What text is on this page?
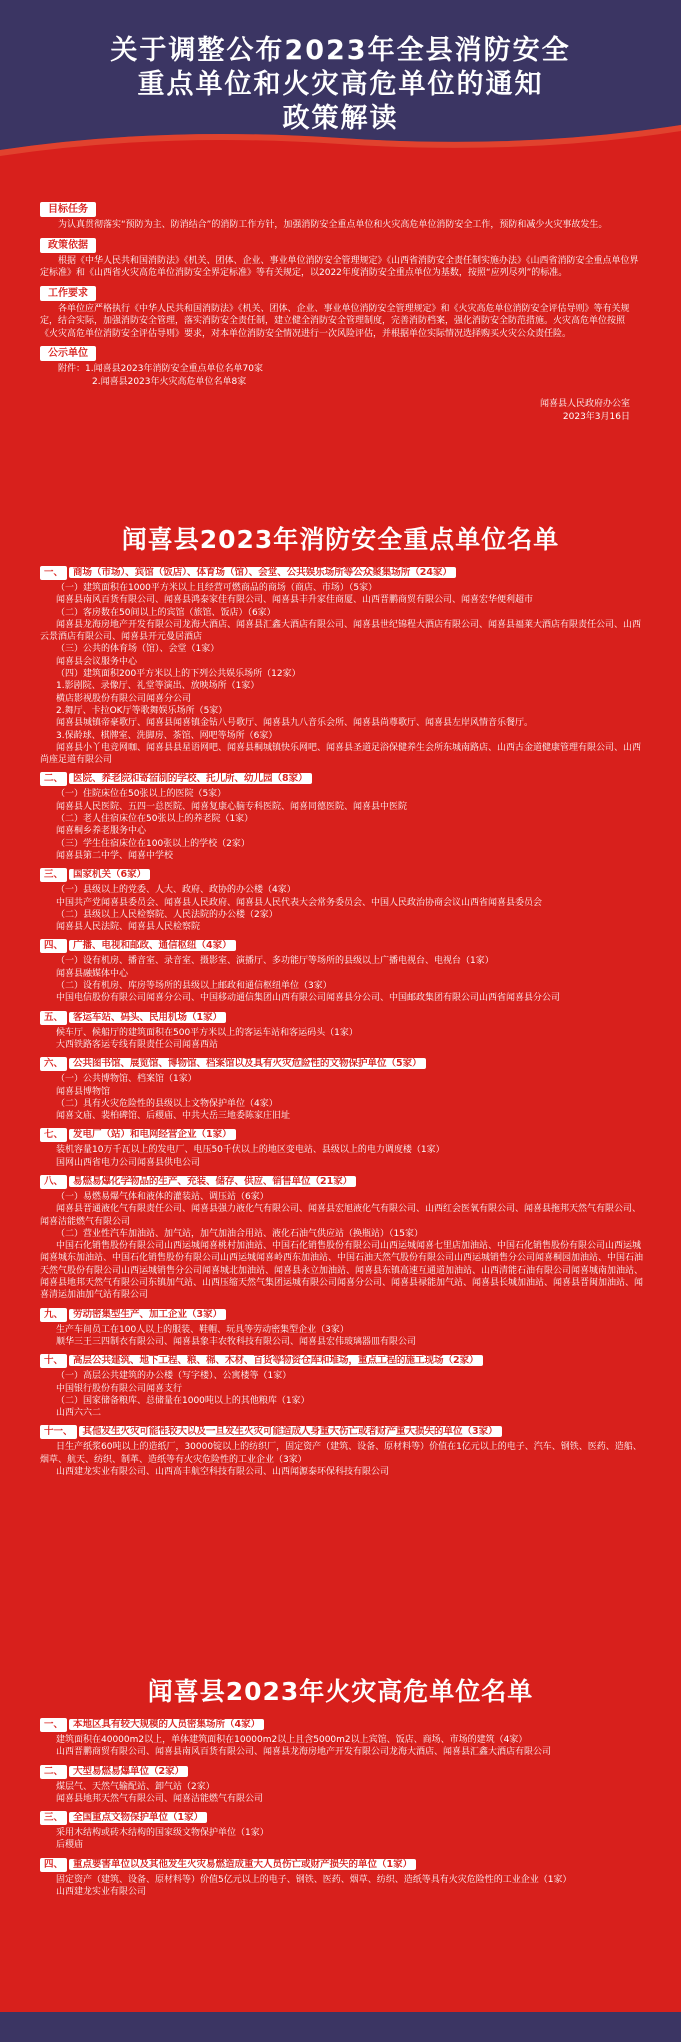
关于调整公布2023年全县消防安全
重点单位和火灾高危单位的通知
政策解读
目标任务

为认真贯彻落实“预防为主、防消结合”的消防工作方针，加强消防安全重点单位和火灾高危单位消防安全工作，预防和减少火灾事故发生。

政策依据

根据《中华人民共和国消防法》《机关、团体、企业、事业单位消防安全管理规定》《山西省消防安全责任制实施办法》《山西省消防安全重点单位界定标准》和《山西省火灾高危单位消防安全界定标准》等有关规定，以2022年度消防安全重点单位为基数，按照“应列尽列”的标准。

工作要求

各单位应严格执行《中华人民共和国消防法》《机关、团体、企业、事业单位消防安全管理规定》和《火灾高危单位消防安全评估导则》等有关规定，结合实际，加强消防安全管理，落实消防安全责任制，建立健全消防安全管理制度，完善消防档案，强化消防安全防范措施。火灾高危单位按照《火灾高危单位消防安全评估导则》要求，对本单位消防安全情况进行一次风险评估，并根据单位实际情况选择购买火灾公众责任险。

公示单位

附件：1.闻喜县2023年消防安全重点单位名单70家

2.闻喜县2023年火灾高危单位名单8家

闻喜县人民政府办公室

2023年3月16日

闻喜县2023年消防安全重点单位名单
一、 商场（市场）、宾馆（饭店）、体育场（馆）、会堂、公共娱乐场所等公众聚集场所（24家）

（一）建筑面积在1000平方米以上且经营可燃商品的商场（商店、市场）（5家）

闻喜县南风百货有限公司、闻喜县鸿泰家佳有限公司、闻喜县丰升家佳商厦、山西晋鹏商贸有限公司、闻喜宏华便利超市

（二）客房数在50间以上的宾馆（旅馆、饭店）（6家）

闻喜县龙海房地产开发有限公司龙海大酒店、闻喜县汇鑫大酒店有限公司、闻喜县世纪锦程大酒店有限公司、闻喜县福莱大酒店有限责任公司、山西云景酒店有限公司、闻喜县开元曼居酒店

（三）公共的体育场（馆）、会堂（1家）

闻喜县会议服务中心

（四）建筑面积200平方米以上的下列公共娱乐场所（12家）

1.影剧院、录像厅、礼堂等演出、放映场所（1家）

横店影视股份有限公司闻喜分公司

2.舞厅、卡拉OK厅等歌舞娱乐场所（5家）

闻喜县城镇帝豪歌厅、闻喜县闻喜镇金钻八号歌厅、闻喜县九八音乐会所、闻喜县尚尊歌厅、闻喜县左岸风情音乐餐厅。

3.保龄球、棋牌室、洗脚房、茶馆、网吧等场所（6家）

闻喜县小丫电竞网咖、闻喜县县星语网吧、闻喜县桐城镇快乐网吧、闻喜县圣道足浴保健养生会所东城南路店、山西古金道健康管理有限公司、山西尚座足道有限公司

二、 医院、养老院和寄宿制的学校、托儿所、幼儿园（8家）

（一）住院床位在50张以上的医院（5家）

闻喜县人民医院、五四一总医院、闻喜复康心脑专科医院、闻喜同德医院、闻喜县中医院

（二）老人住宿床位在50张以上的养老院（1家）

闻喜桐乡养老服务中心

（三）学生住宿床位在100张以上的学校（2家）

闻喜县第二中学、闻喜中学校

三、 国家机关（6家）

（一）县级以上的党委、人大、政府、政协的办公楼（4家）

中国共产党闻喜县委员会、闻喜县人民政府、闻喜县人民代表大会常务委员会、中国人民政治协商会议山西省闻喜县委员会

（二）县级以上人民检察院、人民法院的办公楼（2家）

闻喜县人民法院、闻喜县人民检察院

四、 广播、电视和邮政、通信枢纽（4家）

（一）设有机房、播音室、录音室、摄影室、演播厅、多功能厅等场所的县级以上广播电视台、电视台（1家）

闻喜县融媒体中心

（二）设有机房、库房等场所的县级以上邮政和通信枢纽单位（3家）

中国电信股份有限公司闻喜分公司、中国移动通信集团山西有限公司闻喜县分公司、中国邮政集团有限公司山西省闻喜县分公司

五、 客运车站、码头、民用机场（1家）

候车厅、候船厅的建筑面积在500平方米以上的客运车站和客运码头（1家）

大西铁路客运专线有限责任公司闻喜西站

六、 公共图书馆、展览馆、博物馆、档案馆以及具有火灾危险性的文物保护单位（5家）

（一）公共博物馆、档案馆（1家）

闻喜县博物馆

（二）具有火灾危险性的县级以上文物保护单位（4家）

闻喜文庙、裴柏碑馆、后稷庙、中共大岳三地委陈家庄旧址

七、 发电厂（站）和电网经营企业（1家）

装机容量10万千瓦以上的发电厂、电压50千伏以上的地区变电站、县级以上的电力调度楼（1家）

国网山西省电力公司闻喜县供电公司

八、 易燃易爆化学物品的生产、充装、储存、供应、销售单位（21家）

（一）易燃易爆气体和液体的灌装站、调压站（6家）

闻喜县晋通液化气有限责任公司、闻喜县强力液化气有限公司、闻喜县宏旭液化气有限公司、山西红会医氧有限公司、闻喜县拖邦天然气有限公司、闻喜洁能燃气有限公司

（二）营业性汽车加油站、加气站，加气加油合用站、液化石油气供应站（换瓶站）（15家）

中国石化销售股份有限公司山西运城闻喜桃村加油站、中国石化销售股份有限公司山西运城闻喜七里店加油站、中国石化销售股份有限公司山西运城闻喜城东加油站、中国石化销售股份有限公司山西运城闻喜岭西东加油站、中国石油天然气股份有限公司山西运城销售分公司闻喜桐园加油站、中国石油天然气股份有限公司山西运城销售分公司闻喜城北加油站、闻喜县永立加油站、闻喜县东镇高速互通道加油站、山西清能石油有限公司闻喜城南加油站、闻喜县地邦天然气有限公司东镇加气站、山西压缩天然气集团运城有限公司闻喜分公司、闻喜县禄能加气站、闻喜县长城加油站、闻喜县晋闽加油站、闻喜清运加油加气站有限公司

九、 劳动密集型生产、加工企业（3家）

生产车间员工在100人以上的服装、鞋帽、玩具等劳动密集型企业（3家）

顺华三王三四制衣有限公司、闻喜县象丰农牧科技有限公司、闻喜县宏伟玻璃器皿有限公司

十、 高层公共建筑、地下工程、粮、棉、木材、百货等物资仓库和堆场，重点工程的施工现场（2家）

（一）高层公共建筑的办公楼（写字楼）、公寓楼等（1家）

中国银行股份有限公司闻喜支行

（二）国家储备粮库、总储量在1000吨以上的其他粮库（1家）

山西六六二

十一、 其他发生火灾可能性较大以及一旦发生火灾可能造成人身重大伤亡或者财产重大损失的单位（3家）

日生产纸浆60吨以上的造纸厂，30000锭以上的纺织厂，固定资产（建筑、设备、原材料等）价值在1亿元以上的电子、汽车、钢铁、医药、造船、烟草、航天、纺织、制革、造纸等有火灾危险性的工业企业（3家）

山西建龙实业有限公司、山西高丰航空科技有限公司、山西闻源泰环保科技有限公司

闻喜县2023年火灾高危单位名单
一、 本地区具有较大规模的人员密集场所（4家）

建筑面积在40000m2以上，单体建筑面积在10000m2以上且含5000m2以上宾馆、饭店、商场、市场的建筑（4家）

山西晋鹏商贸有限公司、闻喜县南风百货有限公司、闻喜县龙海房地产开发有限公司龙海大酒店、闻喜县汇鑫大酒店有限公司

二、 大型易燃易爆单位（2家）

煤层气、天然气输配站、卸气站（2家）

闻喜县地邦天然气有限公司、闻喜洁能燃气有限公司

三、 全国重点文物保护单位（1家）

采用木结构或砖木结构的国家级文物保护单位（1家）

后稷庙

四、 重点要害单位以及其他发生火灾易燃造成重大人员伤亡或财产损失的单位（1家）

固定资产（建筑、设备、原材料等）价值5亿元以上的电子、钢铁、医药、烟草、纺织、造纸等具有火灾危险性的工业企业（1家）

山西建龙实业有限公司
